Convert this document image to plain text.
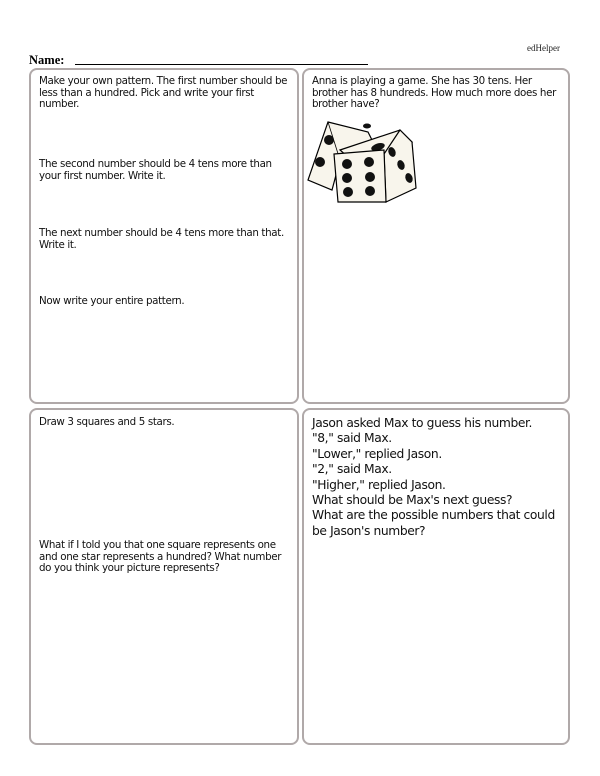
edHelper
Name:

Make your own pattern. The first number should be less than a hundred. Pick and write your first number.

The second number should be 4 tens more than your first number. Write it.

The next number should be 4 tens more than that. Write it.

Now write your entire pattern.

Anna is playing a game. She has 30 tens. Her brother has 8 hundreds. How much more does her brother have?

Draw 3 squares and 5 stars.

What if I told you that one square represents one and one star represents a hundred? What number do you think your picture represents?

Jason asked Max to guess his number.
"8," said Max.
"Lower," replied Jason.
"2," said Max.
"Higher," replied Jason.
What should be Max's next guess?
What are the possible numbers that could be Jason's number?
